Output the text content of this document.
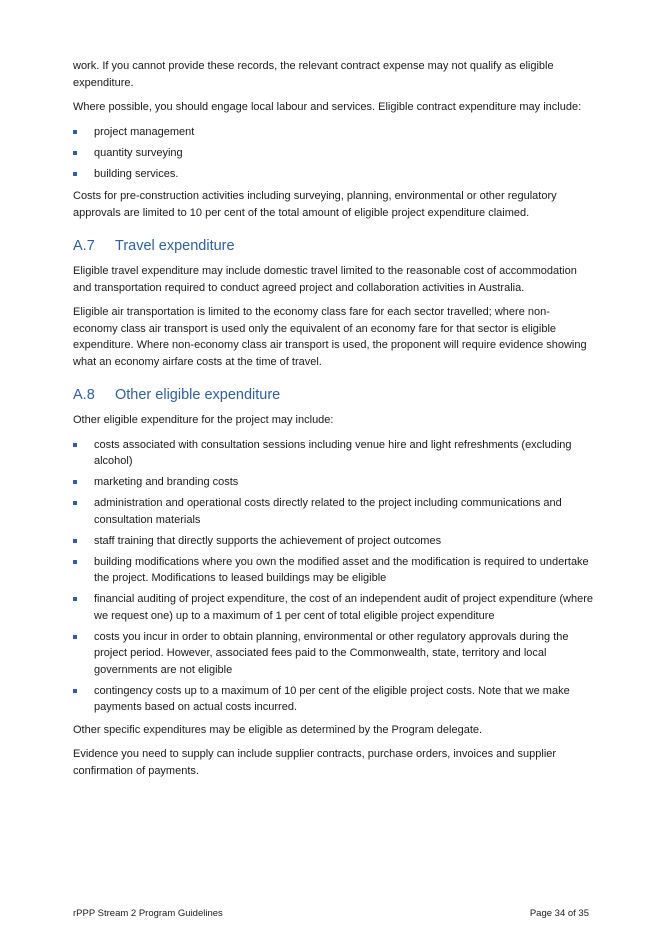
work. If you cannot provide these records, the relevant contract expense may not qualify as eligible expenditure.

Where possible, you should engage local labour and services. Eligible contract expenditure may include:

project management
quantity surveying
building services.

Costs for pre-construction activities including surveying, planning, environmental or other regulatory approvals are limited to 10 per cent of the total amount of eligible project expenditure claimed.

A.7 Travel expenditure

Eligible travel expenditure may include domestic travel limited to the reasonable cost of accommodation and transportation required to conduct agreed project and collaboration activities in Australia.

Eligible air transportation is limited to the economy class fare for each sector travelled; where non-economy class air transport is used only the equivalent of an economy fare for that sector is eligible expenditure. Where non-economy class air transport is used, the proponent will require evidence showing what an economy airfare costs at the time of travel.

A.8 Other eligible expenditure

Other eligible expenditure for the project may include:

costs associated with consultation sessions including venue hire and light refreshments (excluding alcohol)
marketing and branding costs
administration and operational costs directly related to the project including communications and consultation materials
staff training that directly supports the achievement of project outcomes
building modifications where you own the modified asset and the modification is required to undertake the project. Modifications to leased buildings may be eligible
financial auditing of project expenditure, the cost of an independent audit of project expenditure (where we request one) up to a maximum of 1 per cent of total eligible project expenditure
costs you incur in order to obtain planning, environmental or other regulatory approvals during the project period. However, associated fees paid to the Commonwealth, state, territory and local governments are not eligible
contingency costs up to a maximum of 10 per cent of the eligible project costs. Note that we make payments based on actual costs incurred.

Other specific expenditures may be eligible as determined by the Program delegate.

Evidence you need to supply can include supplier contracts, purchase orders, invoices and supplier confirmation of payments.

rPPP Stream 2 Program Guidelines	Page 34 of 35
